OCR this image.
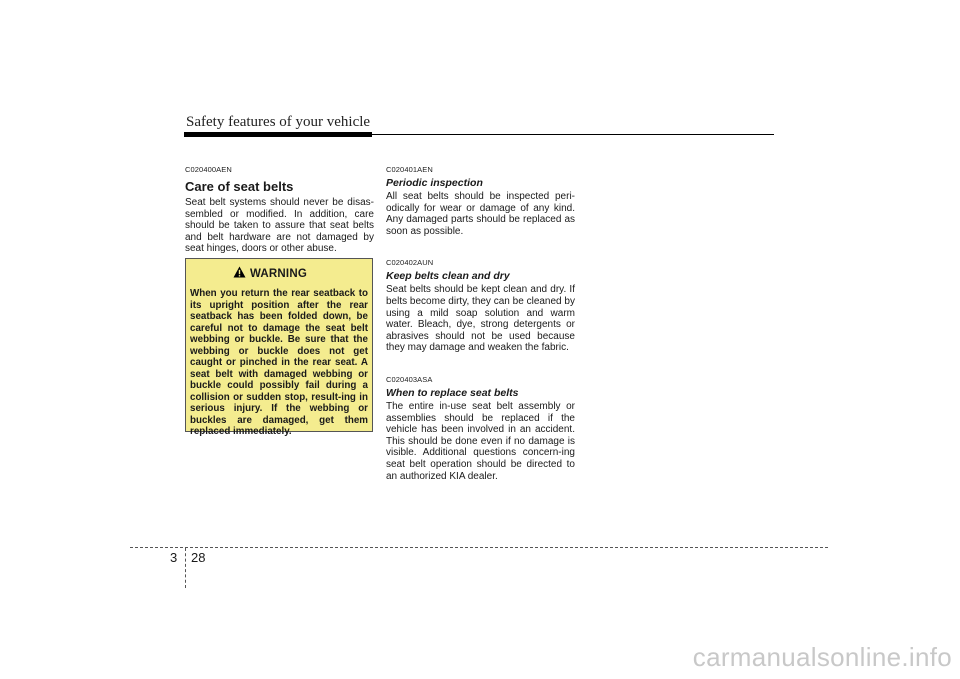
Safety features of your vehicle

C020400AEN

Care of seat belts

Seat belt systems should never be disas-sembled or modified. In addition, care should be taken to assure that seat belts and belt hardware are not damaged by seat hinges, doors or other abuse.

WARNING

When you return the rear seatback to its upright position after the rear seatback has been folded down, be careful not to damage the seat belt webbing or buckle. Be sure that the webbing or buckle does not get caught or pinched in the rear seat. A seat belt with damaged webbing or buckle could possibly fail during a collision or sudden stop, result-ing in serious injury. If the webbing or buckles are damaged, get them replaced immediately.

C020401AEN

Periodic inspection

All seat belts should be inspected peri-odically for wear or damage of any kind. Any damaged parts should be replaced as soon as possible.

C020402AUN

Keep belts clean and dry

Seat belts should be kept clean and dry. If belts become dirty, they can be cleaned by using a mild soap solution and warm water. Bleach, dye, strong detergents or abrasives should not be used because they may damage and weaken the fabric.

C020403ASA

When to replace seat belts

The entire in-use seat belt assembly or assemblies should be replaced if the vehicle has been involved in an accident. This should be done even if no damage is visible. Additional questions concern-ing seat belt operation should be directed to an authorized KIA dealer.

3 28
carmanualsonline.info
